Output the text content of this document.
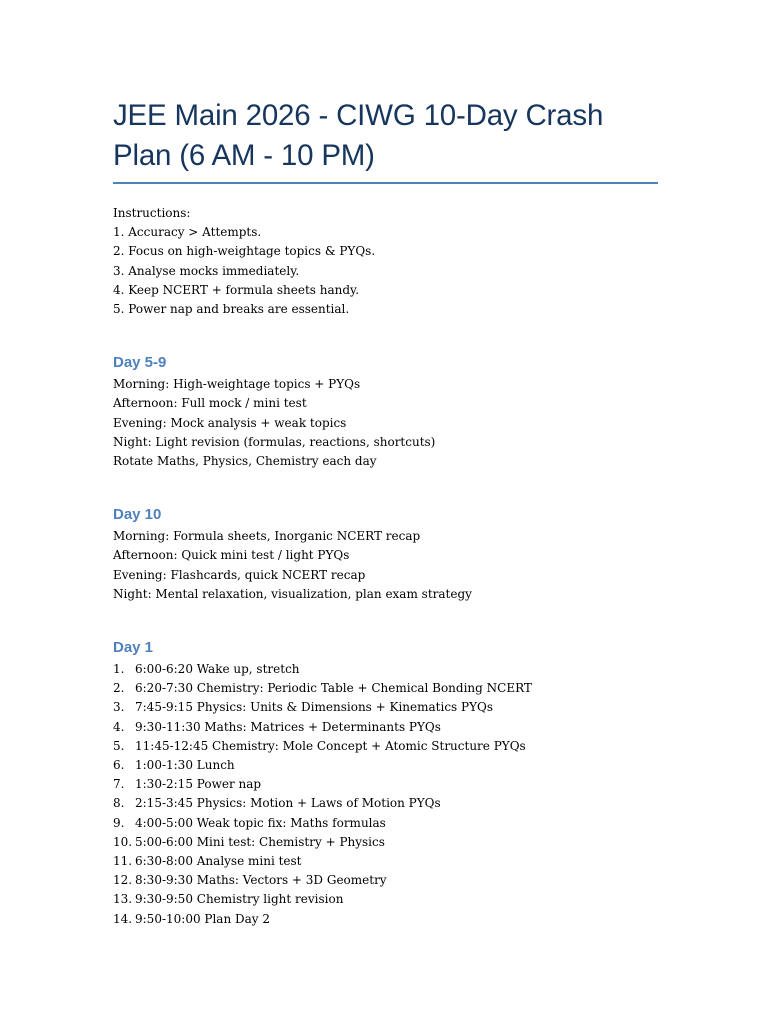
JEE Main 2026 - CIWG 10-Day Crash Plan (6 AM - 10 PM)
Instructions:
1. Accuracy > Attempts.
2. Focus on high-weightage topics & PYQs.
3. Analyse mocks immediately.
4. Keep NCERT + formula sheets handy.
5. Power nap and breaks are essential.
Day 5-9
Morning: High-weightage topics + PYQs
Afternoon: Full mock / mini test
Evening: Mock analysis + weak topics
Night: Light revision (formulas, reactions, shortcuts)
Rotate Maths, Physics, Chemistry each day
Day 10
Morning: Formula sheets, Inorganic NCERT recap
Afternoon: Quick mini test / light PYQs
Evening: Flashcards, quick NCERT recap
Night: Mental relaxation, visualization, plan exam strategy
Day 1
1. 6:00-6:20 Wake up, stretch
2. 6:20-7:30 Chemistry: Periodic Table + Chemical Bonding NCERT
3. 7:45-9:15 Physics: Units & Dimensions + Kinematics PYQs
4. 9:30-11:30 Maths: Matrices + Determinants PYQs
5. 11:45-12:45 Chemistry: Mole Concept + Atomic Structure PYQs
6. 1:00-1:30 Lunch
7. 1:30-2:15 Power nap
8. 2:15-3:45 Physics: Motion + Laws of Motion PYQs
9. 4:00-5:00 Weak topic fix: Maths formulas
10. 5:00-6:00 Mini test: Chemistry + Physics
11. 6:30-8:00 Analyse mini test
12. 8:30-9:30 Maths: Vectors + 3D Geometry
13. 9:30-9:50 Chemistry light revision
14. 9:50-10:00 Plan Day 2
